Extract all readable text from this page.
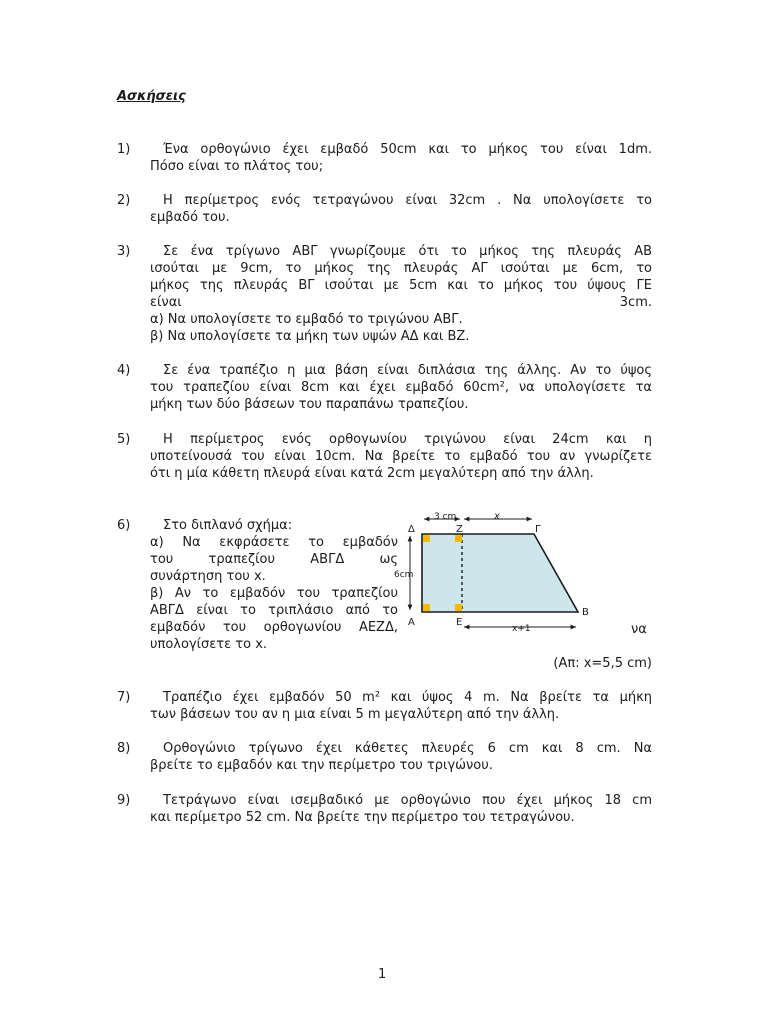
Ασκήσεις
1)	Ένα ορθογώνιο έχει εμβαδό 50cm και το μήκος του είναι 1dm.
Πόσο είναι το πλάτος του;
2)	Η περίμετρος ενός τετραγώνου είναι 32cm . Να υπολογίσετε το
εμβαδό του.
3)	Σε ένα τρίγωνο ΑΒΓ γνωρίζουμε ότι το μήκος της πλευράς ΑΒ
ισούται με 9cm, το μήκος της πλευράς ΑΓ ισούται με 6cm, το
μήκος της πλευράς ΒΓ ισούται με 5cm και το μήκος του ύψους ΓΕ
είναι 3cm.
α) Να υπολογίσετε το εμβαδό το τριγώνου ΑΒΓ.
β) Να υπολογίσετε τα μήκη των υψών ΑΔ και ΒΖ.
4)	Σε ένα τραπέζιο η μια βάση είναι διπλάσια της άλλης. Αν το ύψος
του τραπεζίου είναι 8cm και έχει εμβαδό 60cm², να υπολογίσετε τα
μήκη των δύο βάσεων του παραπάνω τραπεζίου.
5)	Η περίμετρος ενός ορθογωνίου τριγώνου είναι 24cm και η
υποτείνουσά του είναι 10cm. Να βρείτε το εμβαδό του αν γνωρίζετε
ότι η μία κάθετη πλευρά είναι κατά 2cm μεγαλύτερη από την άλλη.
6)	Στο διπλανό σχήμα:
α) Να εκφράσετε το εμβαδόν
του τραπεζίου ΑΒΓΔ ως
συνάρτηση του x.
β) Αν το εμβαδόν του τραπεζίου
ΑΒΓΔ είναι το τριπλάσιο από το
εμβαδόν του ορθογωνίου ΑΕΖΔ,
υπολογίσετε το x.
3 cm	x
6cm
x+1
Δ	Z	Γ
Α	Ε
Β
να
(Απ: x=5,5 cm)
7)	Τραπέζιο έχει εμβαδόν 50 m² και ύψος 4 m. Να βρείτε τα μήκη
των βάσεων του αν η μια είναι 5 m μεγαλύτερη από την άλλη.
8)	Ορθογώνιο τρίγωνο έχει κάθετες πλευρές 6 cm και 8 cm. Να
βρείτε το εμβαδόν και την περίμετρο του τριγώνου.
9)	Τετράγωνο είναι ισεμβαδικό με ορθογώνιο που έχει μήκος 18 cm
και περίμετρο 52 cm. Να βρείτε την περίμετρο του τετραγώνου.
1
